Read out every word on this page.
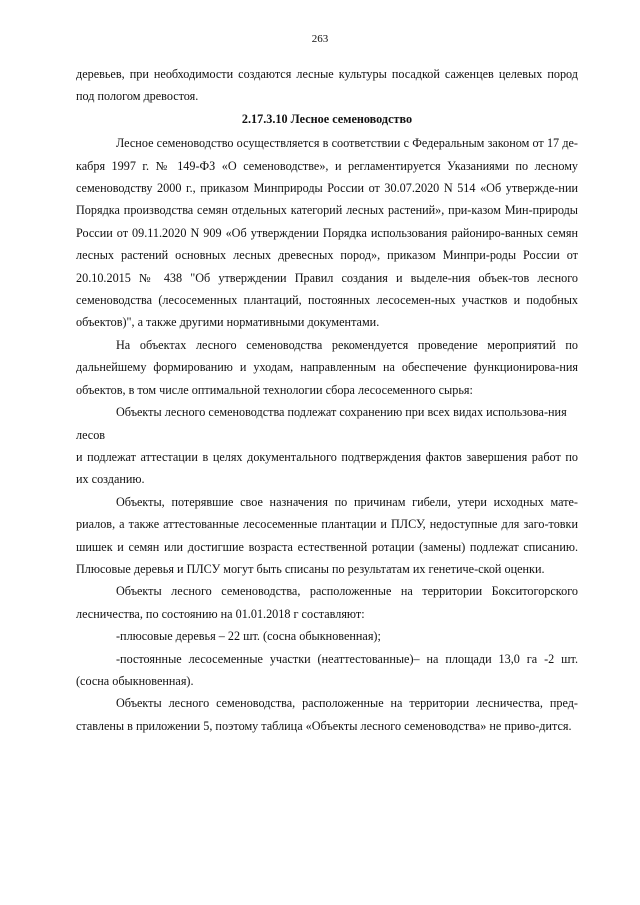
263

деревьев, при необходимости создаются лесные культуры посадкой саженцев целевых пород под пологом древостоя.

2.17.3.10 Лесное семеноводство

Лесное семеноводство осуществляется в соответствии с Федеральным законом от 17 де-кабря 1997 г. № 149-ФЗ «О семеноводстве», и регламентируется Указаниями по лесному семеноводству 2000 г., приказом Минприроды России от 30.07.2020 N 514 «Об утвержде-нии Порядка производства семян отдельных категорий лесных растений», при-казом Мин-природы России от 09.11.2020 N 909 «Об утверждении Порядка использования райониро-ванных семян лесных растений основных лесных древесных пород», приказом Минпри-роды России от 20.10.2015 № 438 "Об утверждении Правил создания и выделе-ния объек-тов лесного семеноводства (лесосеменных плантаций, постоянных лесосемен-ных участков и подобных объектов)", а также другими нормативными документами.

На объектах лесного семеноводства рекомендуется проведение мероприятий по дальнейшему формированию и уходам, направленным на обеспечение функционирова-ния объектов, в том числе оптимальной технологии сбора лесосеменного сырья:

Объекты лесного семеноводства подлежат сохранению при всех видах использова-ния лесов

и подлежат аттестации в целях документального подтверждения фактов завершения работ по их созданию.

Объекты, потерявшие свое назначения по причинам гибели, утери исходных мате-риалов, а также аттестованные лесосеменные плантации и ПЛСУ, недоступные для заго-товки шишек и семян или достигшие возраста естественной ротации (замены) подлежат списанию. Плюсовые деревья и ПЛСУ могут быть списаны по результатам их генетиче-ской оценки.

Объекты лесного семеноводства, расположенные на территории Бокситогорского лесничества, по состоянию на 01.01.2018 г составляют:

-плюсовые деревья – 22 шт. (сосна обыкновенная);

-постоянные лесосеменные участки (неаттестованные)– на площади 13,0 га -2 шт. (сосна обыкновенная).

Объекты лесного семеноводства, расположенные на территории лесничества, пред-ставлены в приложении 5, поэтому таблица «Объекты лесного семеноводства» не приво-дится.
